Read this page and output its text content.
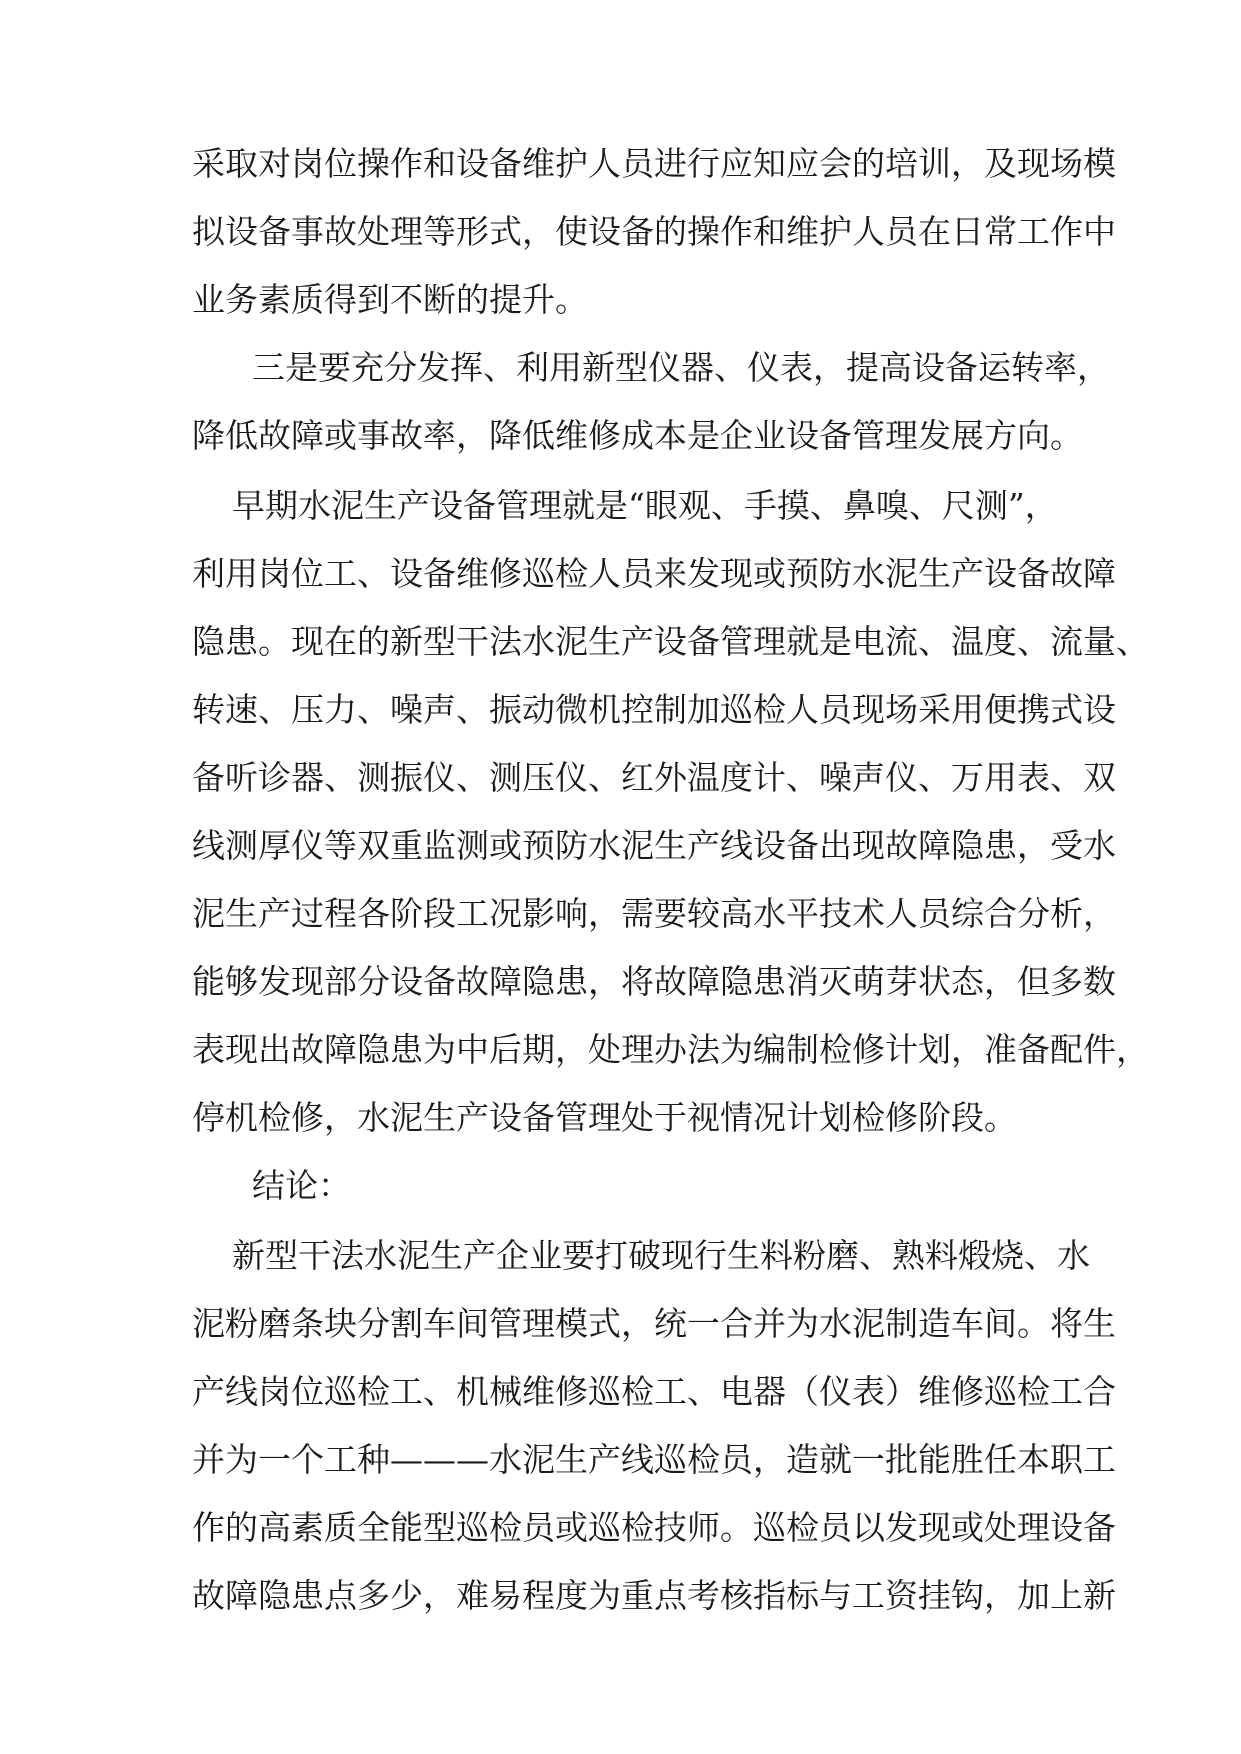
采取对岗位操作和设备维护人员进行应知应会的培训，及现场模
拟设备事故处理等形式，使设备的操作和维护人员在日常工作中
业务素质得到不断的提升。
三是要充分发挥、利用新型仪器、仪表，提高设备运转率，
降低故障或事故率，降低维修成本是企业设备管理发展方向。
早期水泥生产设备管理就是“眼观、手摸、鼻嗅、尺测”，
利用岗位工、设备维修巡检人员来发现或预防水泥生产设备故障
隐患。现在的新型干法水泥生产设备管理就是电流、温度、流量、
转速、压力、噪声、振动微机控制加巡检人员现场采用便携式设
备听诊器、测振仪、测压仪、红外温度计、噪声仪、万用表、双
线测厚仪等双重监测或预防水泥生产线设备出现故障隐患，受水
泥生产过程各阶段工况影响，需要较高水平技术人员综合分析，
能够发现部分设备故障隐患，将故障隐患消灭萌芽状态，但多数
表现出故障隐患为中后期，处理办法为编制检修计划，准备配件，
停机检修，水泥生产设备管理处于视情况计划检修阶段。
结论：
新型干法水泥生产企业要打破现行生料粉磨、熟料煅烧、水
泥粉磨条块分割车间管理模式，统一合并为水泥制造车间。将生
产线岗位巡检工、机械维修巡检工、电器（仪表）维修巡检工合
并为一个工种———水泥生产线巡检员，造就一批能胜任本职工
作的高素质全能型巡检员或巡检技师。巡检员以发现或处理设备
故障隐患点多少，难易程度为重点考核指标与工资挂钩，加上新
